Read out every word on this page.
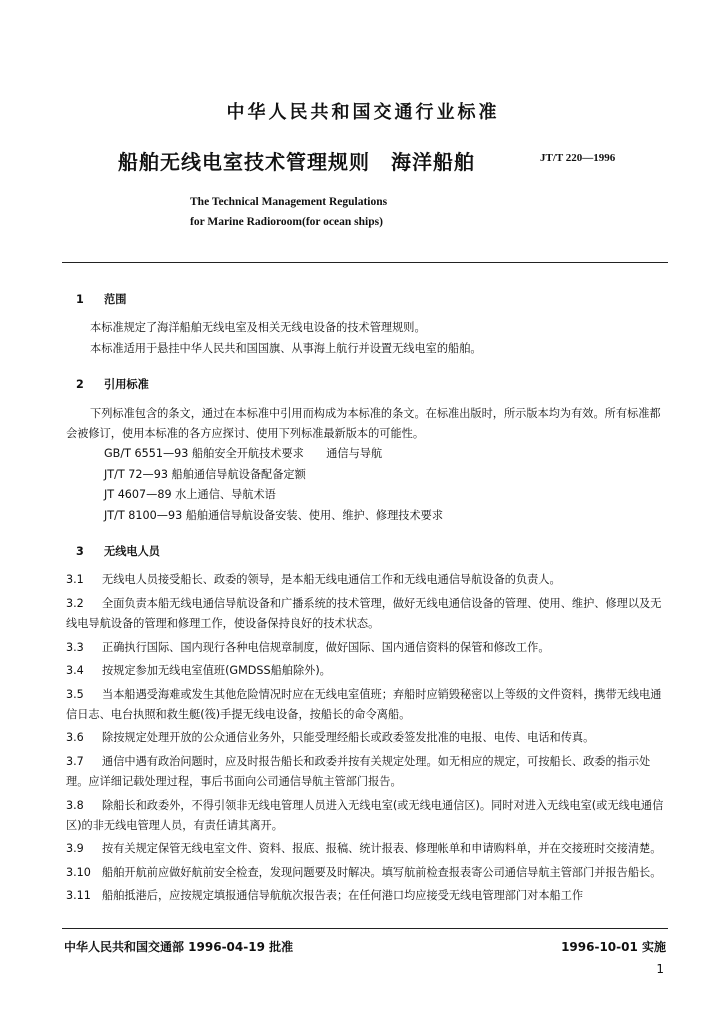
中华人民共和国交通行业标准
船舶无线电室技术管理规则　海洋船舶	JT/T 220—1996
The Technical Management Regulations
for Marine Radioroom(for ocean ships)

1 范围

本标准规定了海洋船舶无线电室及相关无线电设备的技术管理规则。

本标准适用于悬挂中华人民共和国国旗、从事海上航行并设置无线电室的船舶。

2 引用标准

下列标准包含的条文，通过在本标准中引用而构成为本标准的条文。在标准出版时，所示版本均为有效。所有标准都会被修订，使用本标准的各方应探讨、使用下列标准最新版本的可能性。

GB/T 6551—93 船舶安全开航技术要求　　通信与导航

JT/T 72—93 船舶通信导航设备配备定额

JT 4607—89 水上通信、导航术语

JT/T 8100—93 船舶通信导航设备安装、使用、维护、修理技术要求

3 无线电人员

3.1 无线电人员接受船长、政委的领导，是本船无线电通信工作和无线电通信导航设备的负责人。

3.2 全面负责本船无线电通信导航设备和广播系统的技术管理，做好无线电通信设备的管理、使用、维护、修理以及无线电导航设备的管理和修理工作，使设备保持良好的技术状态。

3.3 正确执行国际、国内现行各种电信规章制度，做好国际、国内通信资料的保管和修改工作。

3.4 按规定参加无线电室值班(GMDSS船舶除外)。

3.5 当本船遇受海难或发生其他危险情况时应在无线电室值班；弃船时应销毁秘密以上等级的文件资料，携带无线电通信日志、电台执照和救生艇(筏)手提无线电设备，按船长的命令离船。

3.6 除按规定处理开放的公众通信业务外，只能受理经船长或政委签发批准的电报、电传、电话和传真。

3.7 通信中遇有政治问题时，应及时报告船长和政委并按有关规定处理。如无相应的规定，可按船长、政委的指示处理。应详细记载处理过程，事后书面向公司通信导航主管部门报告。

3.8 除船长和政委外，不得引领非无线电管理人员进入无线电室(或无线电通信区)。同时对进入无线电室(或无线电通信区)的非无线电管理人员，有责任请其离开。

3.9 按有关规定保管无线电室文件、资料、报底、报稿、统计报表、修理帐单和申请购料单，并在交接班时交接清楚。

3.10 船舶开航前应做好航前安全检查，发现问题要及时解决。填写航前检查报表寄公司通信导航主管部门并报告船长。

3.11 船舶抵港后，应按规定填报通信导航航次报告表；在任何港口均应接受无线电管理部门对本船工作

中华人民共和国交通部 1996-04-19 批准	1996-10-01 实施
1
